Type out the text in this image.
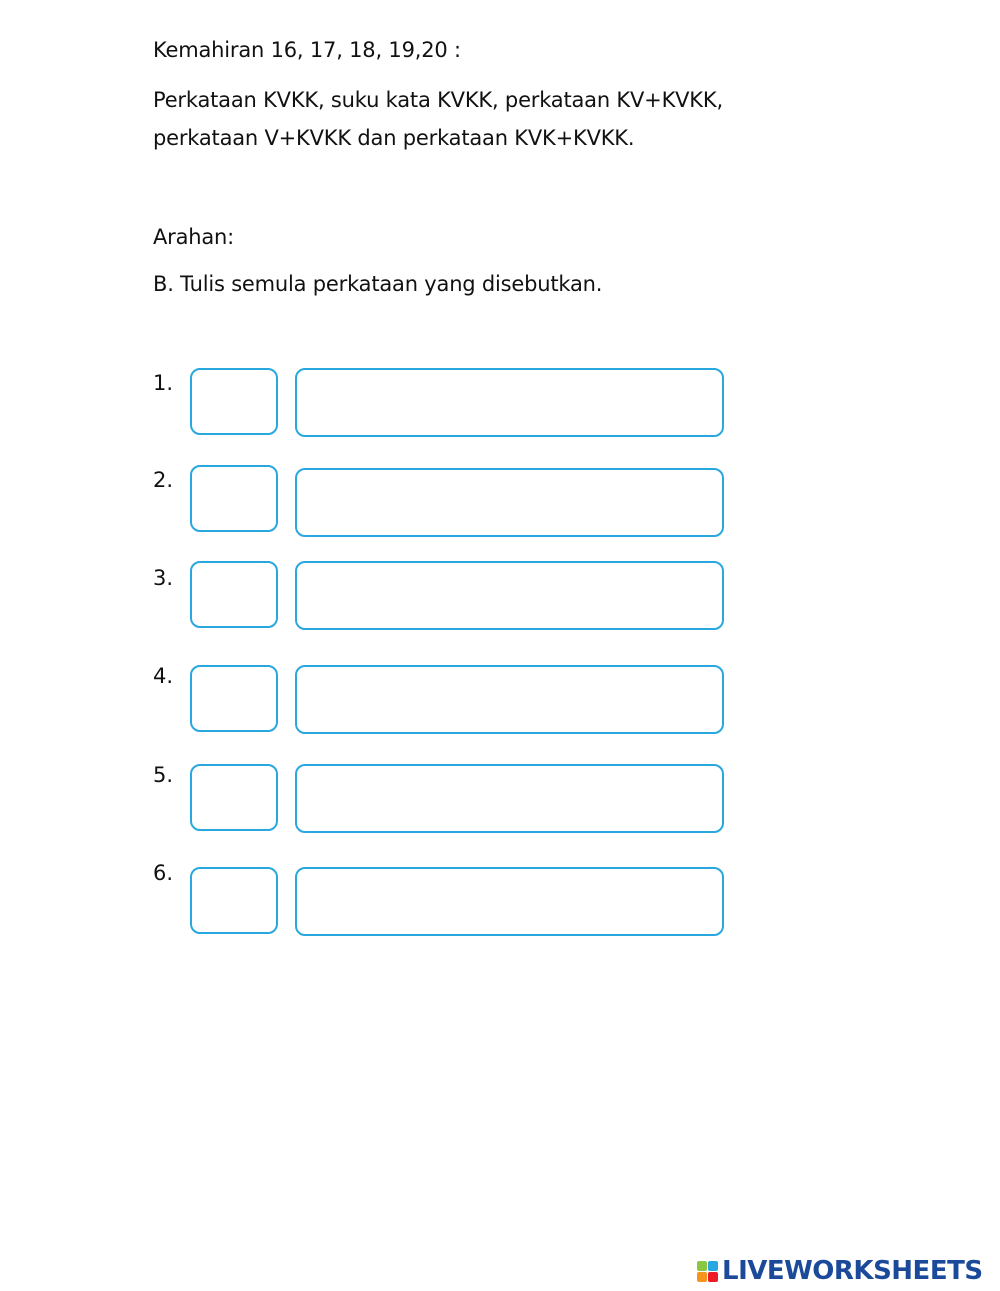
Kemahiran 16, 17, 18, 19,20 :
Perkataan KVKK, suku kata KVKK, perkataan KV+KVKK,
perkataan V+KVKK dan perkataan KVK+KVKK.
Arahan:
B. Tulis semula perkataan yang disebutkan.
1.
2.
3.
4.
5.
6.
LIVEWORKSHEETS
